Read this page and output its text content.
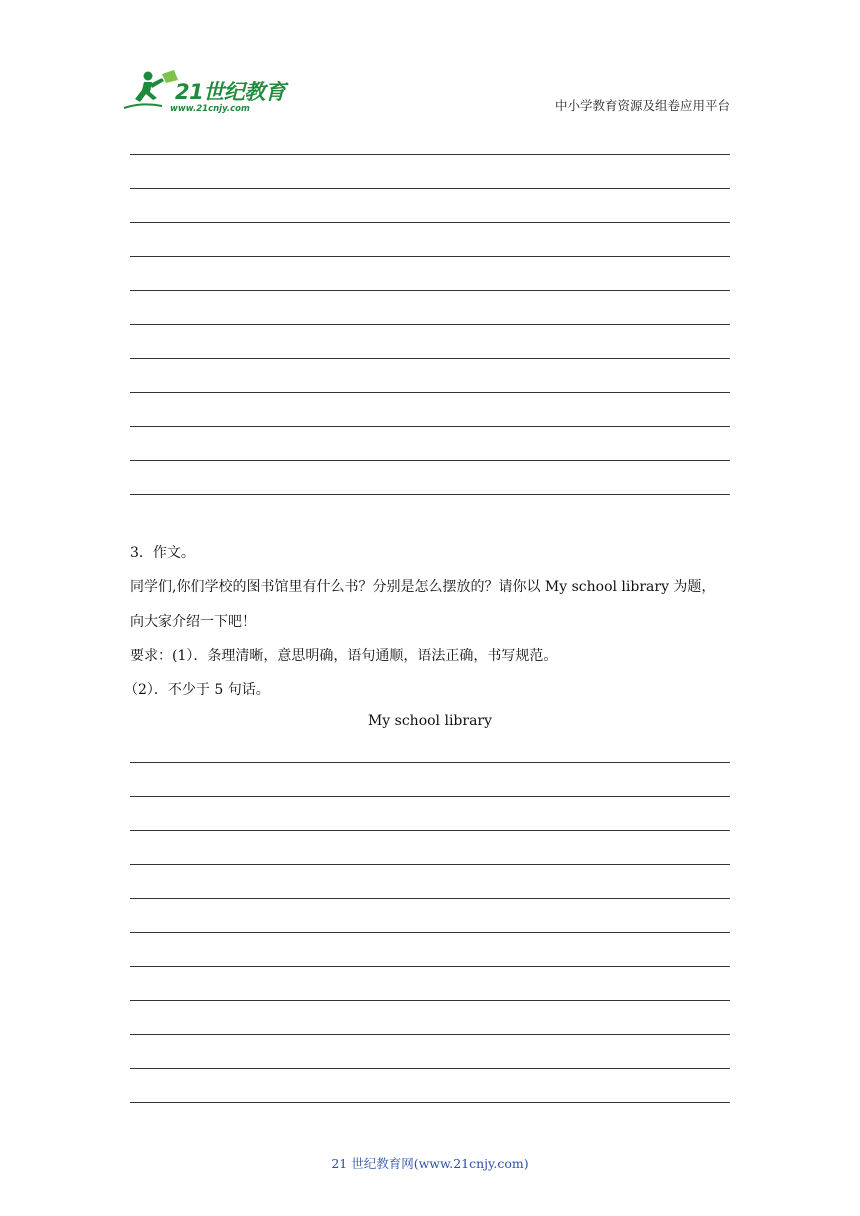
21世纪教育
www.21cnjy.com	中小学教育资源及组卷应用平台
3．作文。
同学们,你们学校的图书馆里有什么书？分别是怎么摆放的？请你以 My school library 为题，
向大家介绍一下吧！
要求：(1）．条理清晰，意思明确，语句通顺，语法正确，书写规范。
（2）．不少于 5 句话。
My school library
21 世纪教育网(www.21cnjy.com)
